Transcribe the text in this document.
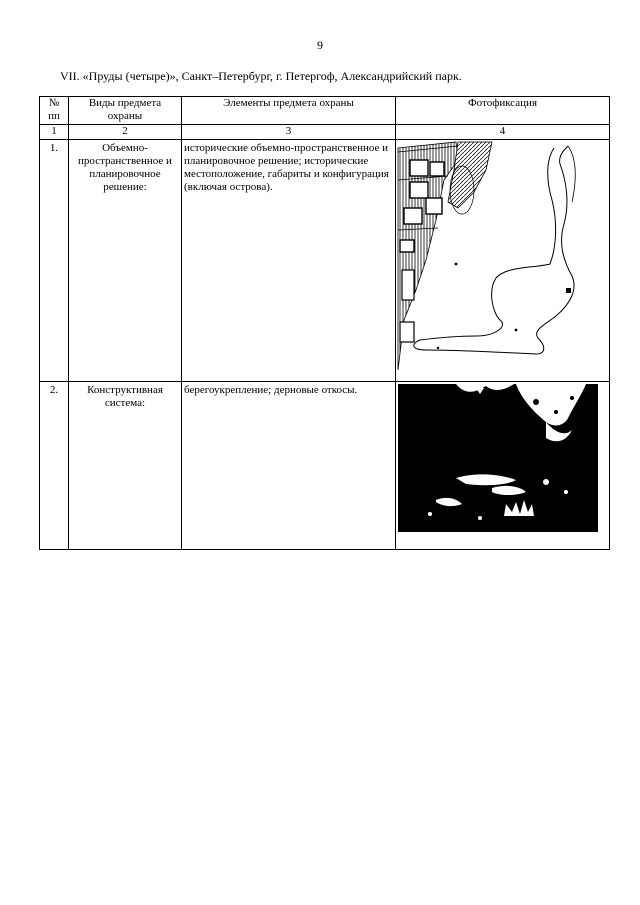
9
VII. «Пруды (четыре)», Санкт–Петербург, г. Петергоф, Александрийский парк.
№ пп	Виды предмета охраны	Элементы предмета охраны	Фотофиксация
1	2	3	4
1.	Объемно-пространственное и планировочное решение:	исторические объемно-пространственное и планировочное решение; исторические местоположение, габариты и конфигурация (включая острова).	

2.	Конструктивная система:	берегоукрепление; дерновые откосы.	
